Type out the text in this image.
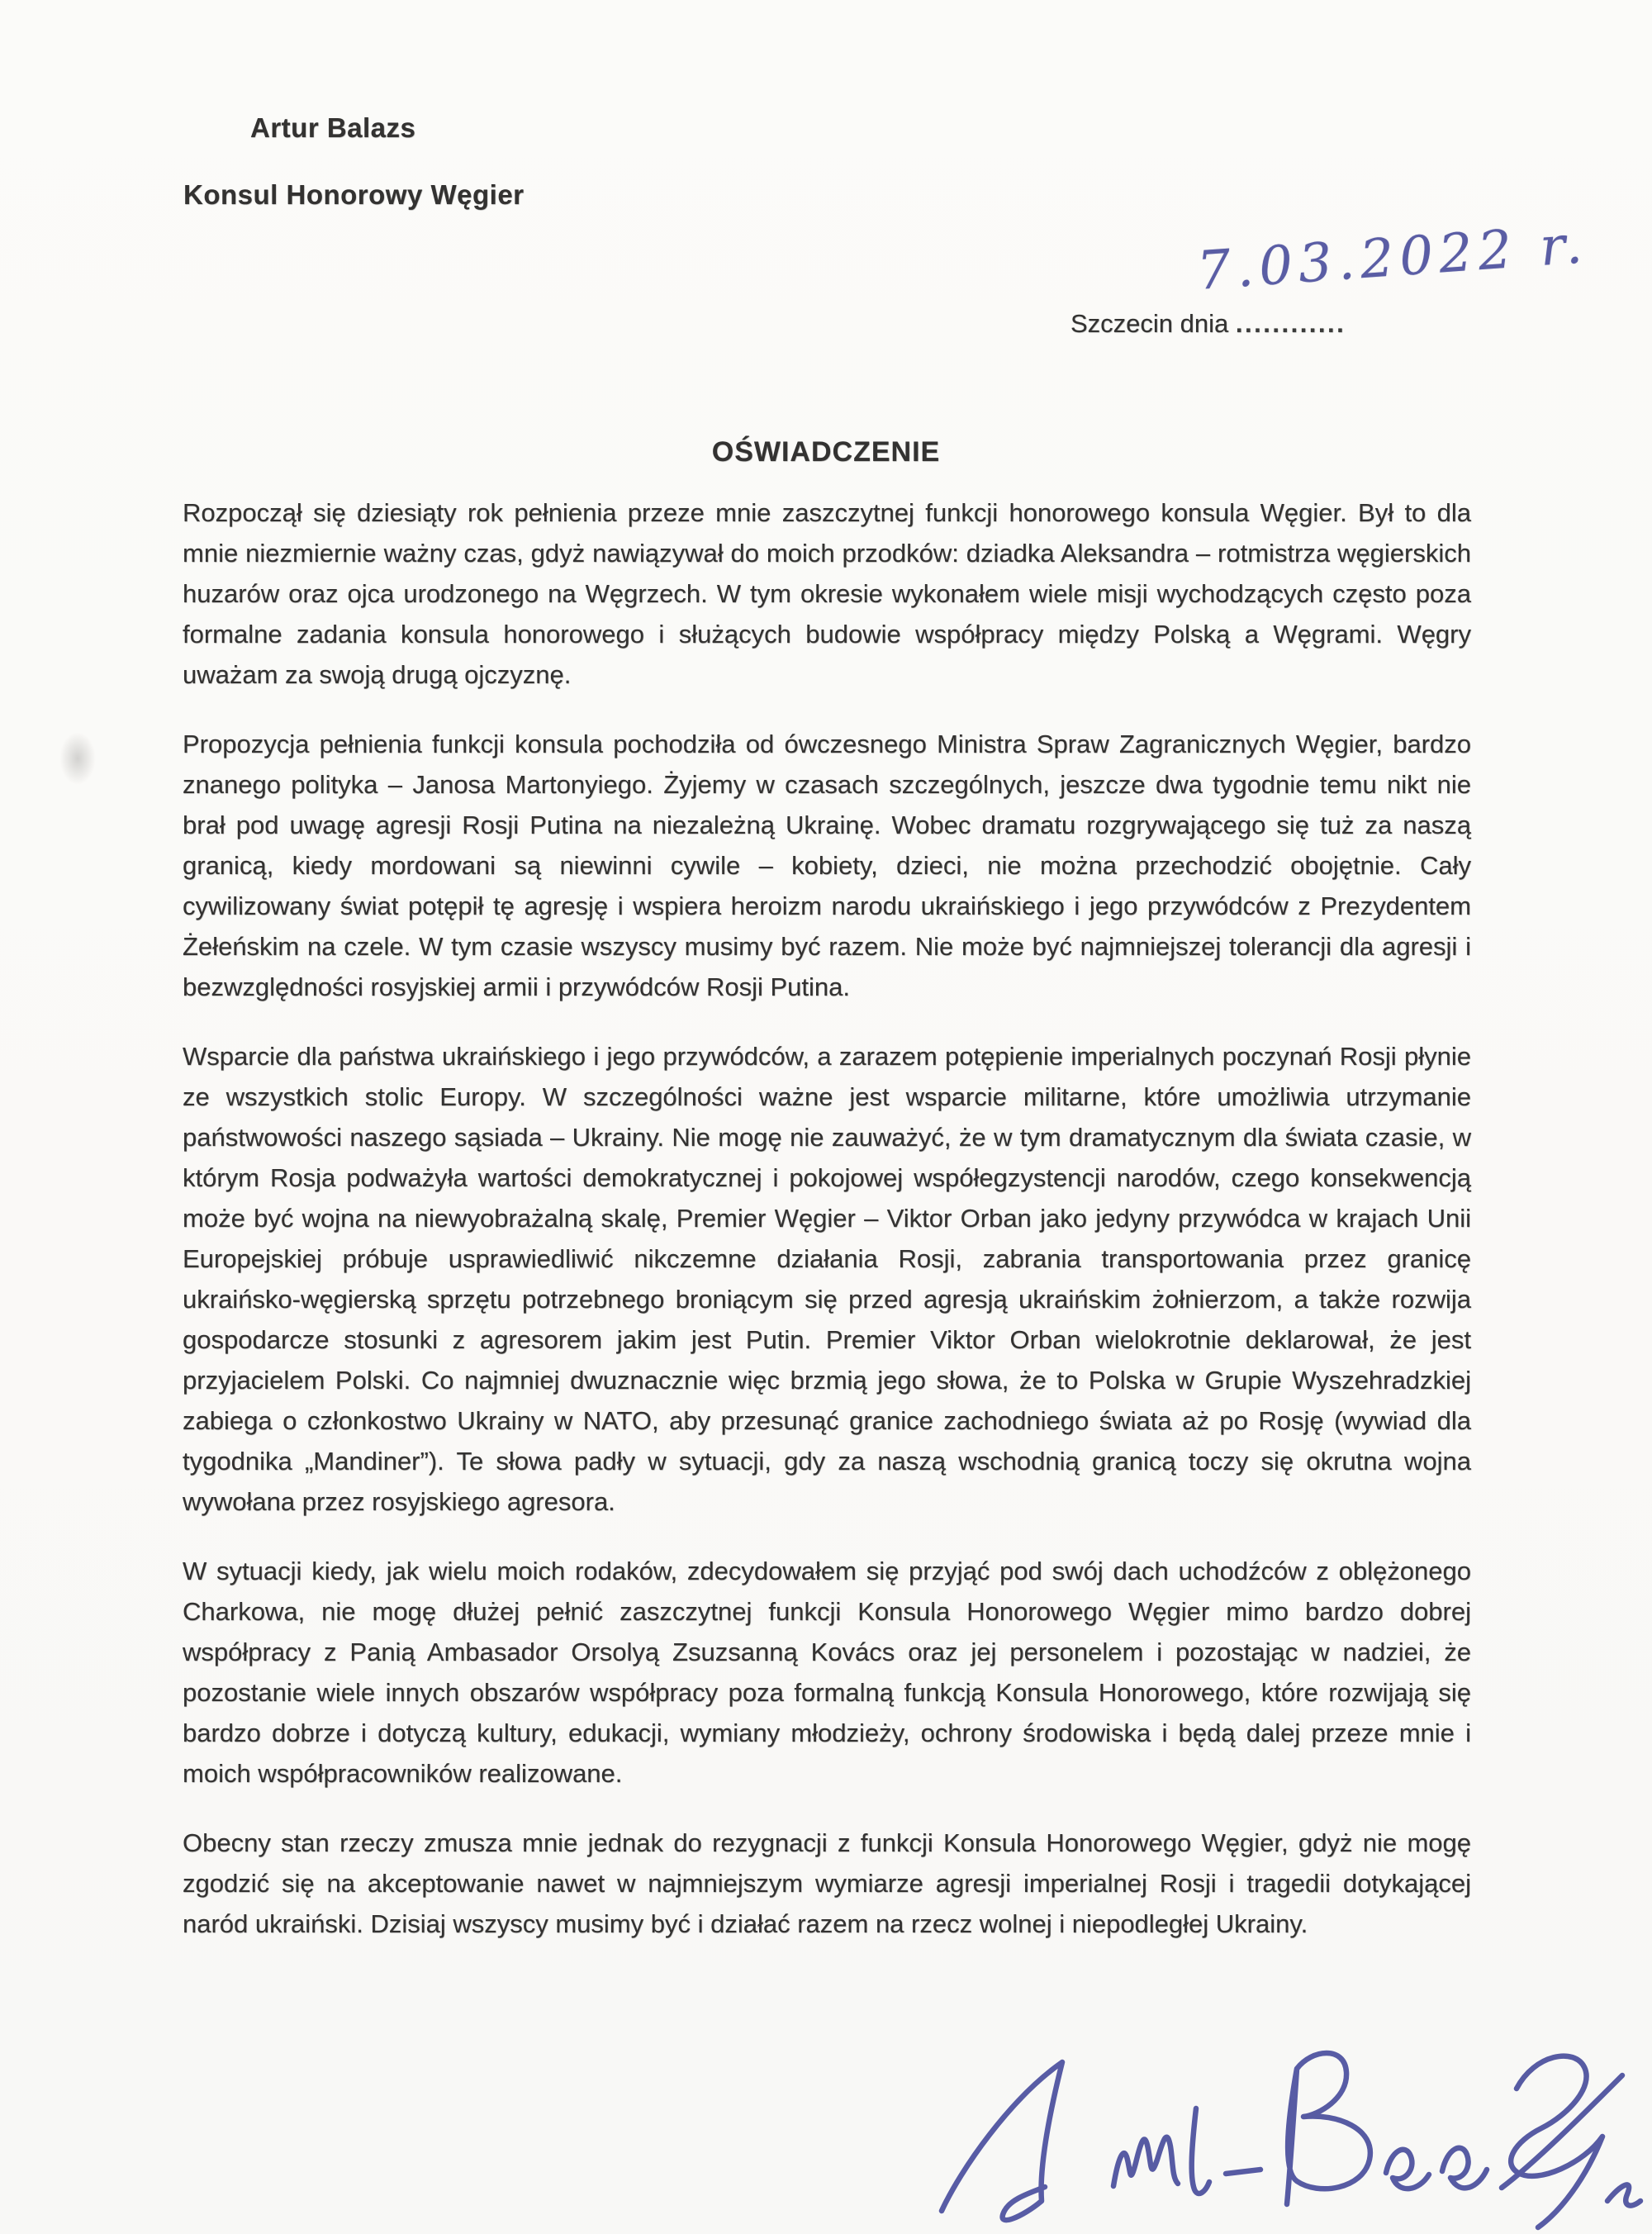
Artur Balazs
Konsul Honorowy Węgier
Szczecin dnia ............
7.03.2022 r.
OŚWIADCZENIE

Rozpoczął się dziesiąty rok pełnienia przeze mnie zaszczytnej funkcji honorowego konsula Węgier. Był to dla mnie niezmiernie ważny czas, gdyż nawiązywał do moich przodków: dziadka Aleksandra – rotmistrza węgierskich huzarów oraz ojca urodzonego na Węgrzech. W tym okresie wykonałem wiele misji wychodzących często poza formalne zadania konsula honorowego i służących budowie współpracy między Polską a Węgrami. Węgry uważam za swoją drugą ojczyznę.

Propozycja pełnienia funkcji konsula pochodziła od ówczesnego Ministra Spraw Zagranicznych Węgier, bardzo znanego polityka – Janosa Martonyiego. Żyjemy w czasach szczególnych, jeszcze dwa tygodnie temu nikt nie brał pod uwagę agresji Rosji Putina na niezależną Ukrainę. Wobec dramatu rozgrywającego się tuż za naszą granicą, kiedy mordowani są niewinni cywile – kobiety, dzieci, nie można przechodzić obojętnie. Cały cywilizowany świat potępił tę agresję i wspiera heroizm narodu ukraińskiego i jego przywódców z Prezydentem Żełeńskim na czele. W tym czasie wszyscy musimy być razem. Nie może być najmniejszej tolerancji dla agresji i bezwzględności rosyjskiej armii i przywódców Rosji Putina.

Wsparcie dla państwa ukraińskiego i jego przywódców, a zarazem potępienie imperialnych poczynań Rosji płynie ze wszystkich stolic Europy. W szczególności ważne jest wsparcie militarne, które umożliwia utrzymanie państwowości naszego sąsiada – Ukrainy. Nie mogę nie zauważyć, że w tym dramatycznym dla świata czasie, w którym Rosja podważyła wartości demokratycznej i pokojowej współegzystencji narodów, czego konsekwencją może być wojna na niewyobrażalną skalę, Premier Węgier – Viktor Orban jako jedyny przywódca w krajach Unii Europejskiej próbuje usprawiedliwić nikczemne działania Rosji, zabrania transportowania przez granicę ukraińsko-węgierską sprzętu potrzebnego broniącym się przed agresją ukraińskim żołnierzom, a także rozwija gospodarcze stosunki z agresorem jakim jest Putin. Premier Viktor Orban wielokrotnie deklarował, że jest przyjacielem Polski. Co najmniej dwuznacznie więc brzmią jego słowa, że to Polska w Grupie Wyszehradzkiej zabiega o członkostwo Ukrainy w NATO, aby przesunąć granice zachodniego świata aż po Rosję (wywiad dla tygodnika „Mandiner”). Te słowa padły w sytuacji, gdy za naszą wschodnią granicą toczy się okrutna wojna wywołana przez rosyjskiego agresora.

W sytuacji kiedy, jak wielu moich rodaków, zdecydowałem się przyjąć pod swój dach uchodźców z oblężonego Charkowa, nie mogę dłużej pełnić zaszczytnej funkcji Konsula Honorowego Węgier mimo bardzo dobrej współpracy z Panią Ambasador Orsolyą Zsuzsanną Kovács oraz jej personelem i pozostając w nadziei, że pozostanie wiele innych obszarów współpracy poza formalną funkcją Konsula Honorowego, które rozwijają się bardzo dobrze i dotyczą kultury, edukacji, wymiany młodzieży, ochrony środowiska i będą dalej przeze mnie i moich współpracowników realizowane.

Obecny stan rzeczy zmusza mnie jednak do rezygnacji z funkcji Konsula Honorowego Węgier, gdyż nie mogę zgodzić się na akceptowanie nawet w najmniejszym wymiarze agresji imperialnej Rosji i tragedii dotykającej naród ukraiński. Dzisiaj wszyscy musimy być i działać razem na rzecz wolnej i niepodległej Ukrainy.
